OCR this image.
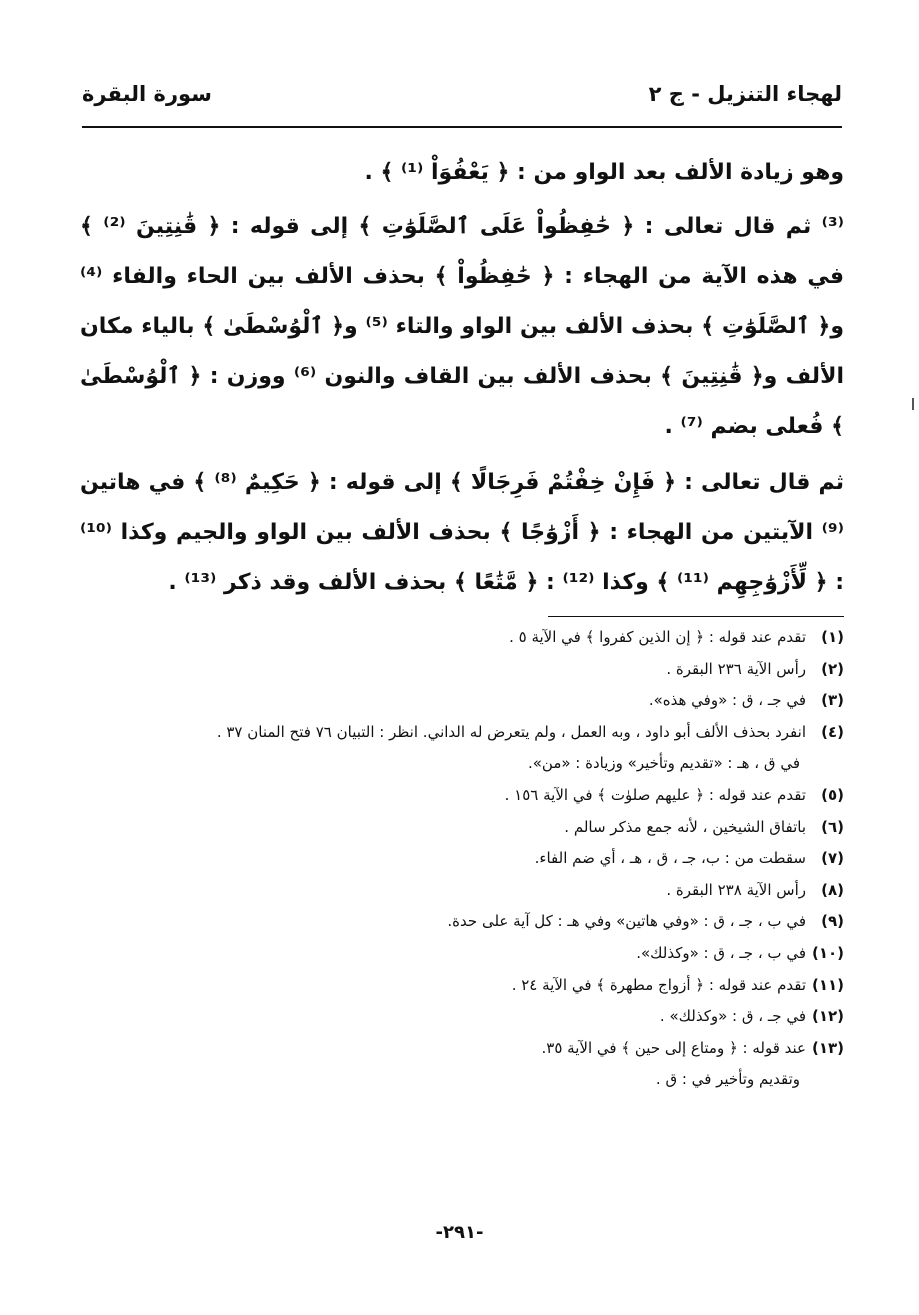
لهجاء التنزيل - ج ٢
سورة البقرة

وهو زيادة الألف بعد الواو من : ﴿ يَعْفُوَاْ ⁽¹⁾ ﴾ .

⁽³⁾ ثم قال تعالى : ﴿ حَٰفِظُواْ عَلَى ٱلصَّلَوَٰتِ ﴾ إلى قوله : ﴿ قَٰنِتِينَ ⁽²⁾ ﴾ في هذه الآية من الهجاء : ﴿ حَٰفِظُواْ ﴾ بحذف الألف بين الحاء والفاء ⁽⁴⁾ و﴿ ٱلصَّلَوَٰتِ ﴾ بحذف الألف بين الواو والتاء ⁽⁵⁾ و﴿ ٱلْوُسْطَىٰ ﴾ بالياء مكان الألف و﴿ قَٰنِتِينَ ﴾ بحذف الألف بين القاف والنون ⁽⁶⁾ ووزن : ﴿ ٱلْوُسْطَىٰ ﴾ فُعلى بضم ⁽⁷⁾ .

ثم قال تعالى : ﴿ فَإِنْ خِفْتُمْ فَرِجَالًا ﴾ إلى قوله : ﴿ حَكِيمٌ ⁽⁸⁾ ﴾ في هاتين ⁽⁹⁾ الآيتين من الهجاء : ﴿ أَزْوَٰجًا ﴾ بحذف الألف بين الواو والجيم وكذا ⁽¹⁰⁾ : ﴿ لِّأَزْوَٰجِهِم ⁽¹¹⁾ ﴾ وكذا ⁽¹²⁾ : ﴿ مَّتَٰعًا ﴾ بحذف الألف وقد ذكر ⁽¹³⁾ .

(١)تقدم عند قوله : ﴿ إن الذين كفروا ﴾ في الآية ٥ .
(٢)رأس الآية ٢٣٦ البقرة .
(٣)في جـ ، ق : «وفي هذه».
(٤)انفرد بحذف الألف أبو داود ، وبه العمل ، ولم يتعرض له الداني. انظر : التبيان ٧٦ فتح المنان ٣٧ .
في ق ، هـ : «تقديم وتأخير» وزيادة : «من».
(٥)تقدم عند قوله : ﴿ عليهم صلوٰت ﴾ في الآية ١٥٦ .
(٦)باتفاق الشيخين ، لأنه جمع مذكر سالم .
(٧)سقطت من : ب، جـ ، ق ، هـ ، أي ضم الفاء.
(٨)رأس الآية ٢٣٨ البقرة .
(٩)في ب ، جـ ، ق : «وفي هاتين» وفي هـ : كل آية على حدة.
(١٠)في ب ، جـ ، ق : «وكذلك».
(١١)تقدم عند قوله : ﴿ أزواج مطهرة ﴾ في الآية ٢٤ .
(١٢)في جـ ، ق : «وكذلك» .
(١٣)عند قوله : ﴿ ومتاع إلى حين ﴾ في الآية ٣٥.
وتقديم وتأخير في : ق .
-٢٩١-
